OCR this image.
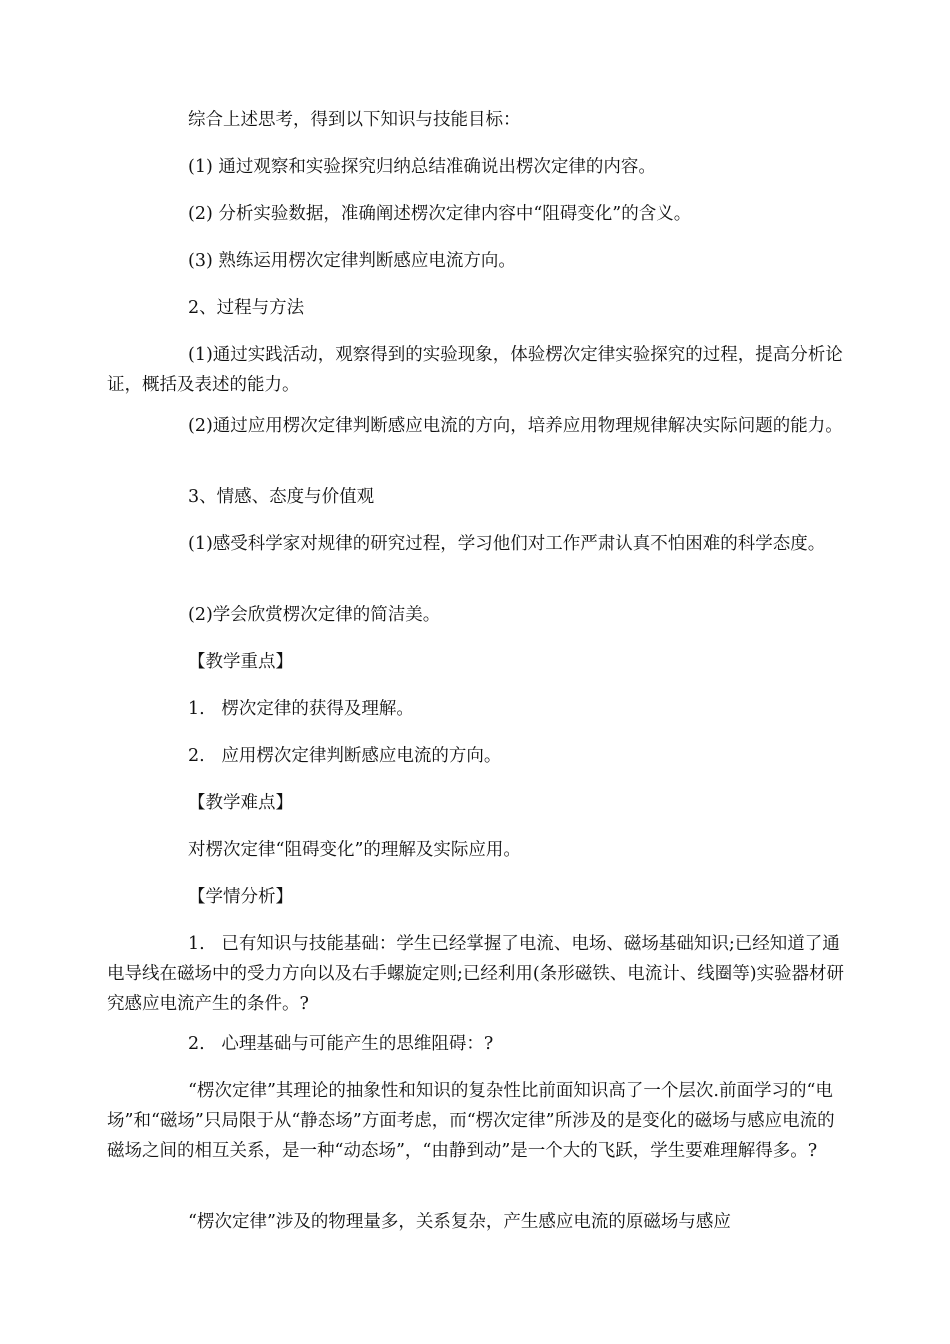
综合上述思考，得到以下知识与技能目标：

(1) 通过观察和实验探究归纳总结准确说出楞次定律的内容。

(2) 分析实验数据，准确阐述楞次定律内容中“阻碍变化”的含义。

(3) 熟练运用楞次定律判断感应电流方向。

2、过程与方法

(1)通过实践活动，观察得到的实验现象，体验楞次定律实验探究的过程，提高分析论证，概括及表述的能力。

(2)通过应用楞次定律判断感应电流的方向，培养应用物理规律解决实际问题的能力。

3、情感、态度与价值观

(1)感受科学家对规律的研究过程，学习他们对工作严肃认真不怕困难的科学态度。

(2)学会欣赏楞次定律的简洁美。

【教学重点】

1.   楞次定律的获得及理解。

2.   应用楞次定律判断感应电流的方向。

【教学难点】

对楞次定律“阻碍变化”的理解及实际应用。

【学情分析】

1.   已有知识与技能基础：学生已经掌握了电流、电场、磁场基础知识;已经知道了通电导线在磁场中的受力方向以及右手螺旋定则;已经利用(条形磁铁、电流计、线圈等)实验器材研究感应电流产生的条件。?

2.   心理基础与可能产生的思维阻碍：?

“楞次定律”其理论的抽象性和知识的复杂性比前面知识高了一个层次.前面学习的“电场”和“磁场”只局限于从“静态场”方面考虑，而“楞次定律”所涉及的是变化的磁场与感应电流的磁场之间的相互关系，是一种“动态场”，“由静到动”是一个大的飞跃，学生要难理解得多。?

“楞次定律”涉及的物理量多，关系复杂，产生感应电流的原磁场与感应
